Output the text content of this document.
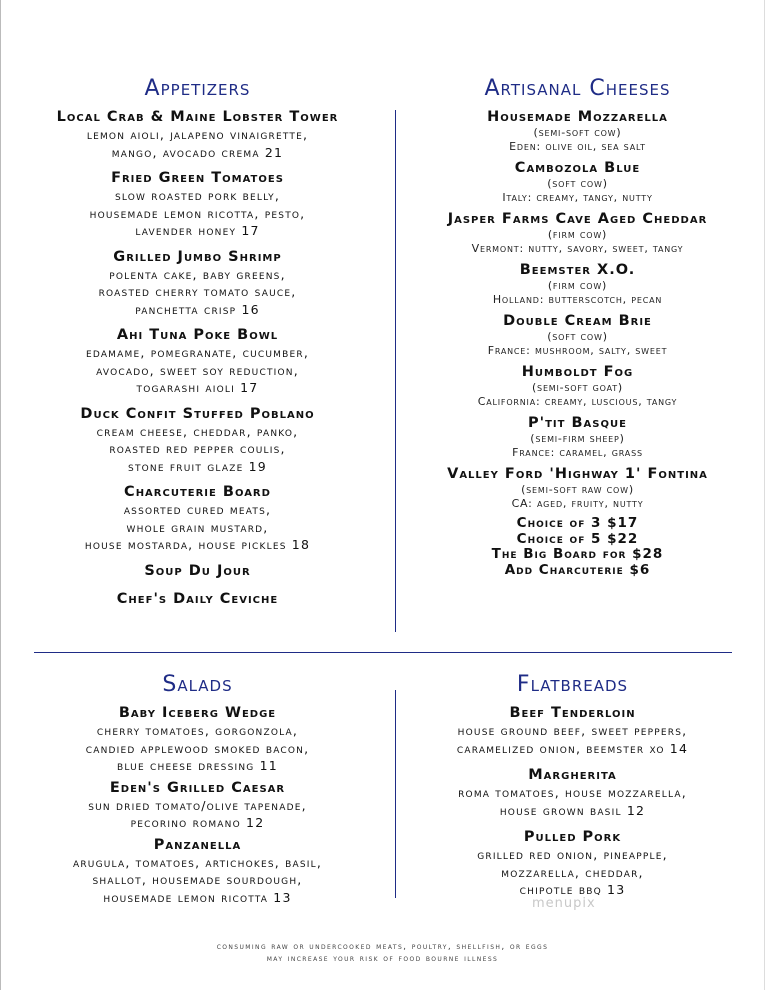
Appetizers
Local Crab & Maine Lobster Tower
lemon aioli, jalapeno vinaigrette,
mango, avocado crema 21
Fried Green Tomatoes
slow roasted pork belly,
housemade lemon ricotta, pesto,
lavender honey 17
Grilled Jumbo Shrimp
polenta cake, baby greens,
roasted cherry tomato sauce,
panchetta crisp 16
Ahi Tuna Poke Bowl
edamame, pomegranate, cucumber,
avocado, sweet soy reduction,
togarashi aioli 17
Duck Confit Stuffed Poblano
cream cheese, cheddar, panko,
roasted red pepper coulis,
stone fruit glaze 19
Charcuterie Board
assorted cured meats,
whole grain mustard,
house mostarda, house pickles 18
Soup Du Jour
Chef's Daily Ceviche
Artisanal Cheeses
Housemade Mozzarella
(semi-soft cow)
Eden: olive oil, sea salt
Cambozola Blue
(soft cow)
Italy: creamy, tangy, nutty
Jasper Farms Cave Aged Cheddar
(firm cow)
Vermont: nutty, savory, sweet, tangy
Beemster X.O.
(firm cow)
Holland: butterscotch, pecan
Double Cream Brie
(soft cow)
France: mushroom, salty, sweet
Humboldt Fog
(semi-soft goat)
California: creamy, luscious, tangy
P'tit Basque
(semi-firm sheep)
France: caramel, grass
Valley Ford 'Highway 1' Fontina
(semi-soft raw cow)
CA: aged, fruity, nutty
Choice of 3 $17
Choice of 5 $22
The Big Board for $28
Add Charcuterie $6
Salads
Baby Iceberg Wedge
cherry tomatoes, gorgonzola,
candied applewood smoked bacon,
blue cheese dressing 11
Eden's Grilled Caesar
sun dried tomato/olive tapenade,
pecorino romano 12
Panzanella
arugula, tomatoes, artichokes, basil,
shallot, housemade sourdough,
housemade lemon ricotta 13
Flatbreads
Beef Tenderloin
house ground beef, sweet peppers,
caramelized onion, beemster xo 14
Margherita
roma tomatoes, house mozzarella,
house grown basil 12
Pulled Pork
grilled red onion, pineapple,
mozzarella, cheddar,
chipotle bbq 13
menupix
consuming raw or undercooked meats, poultry, shellfish, or eggs
may increase your risk of food bourne illness
